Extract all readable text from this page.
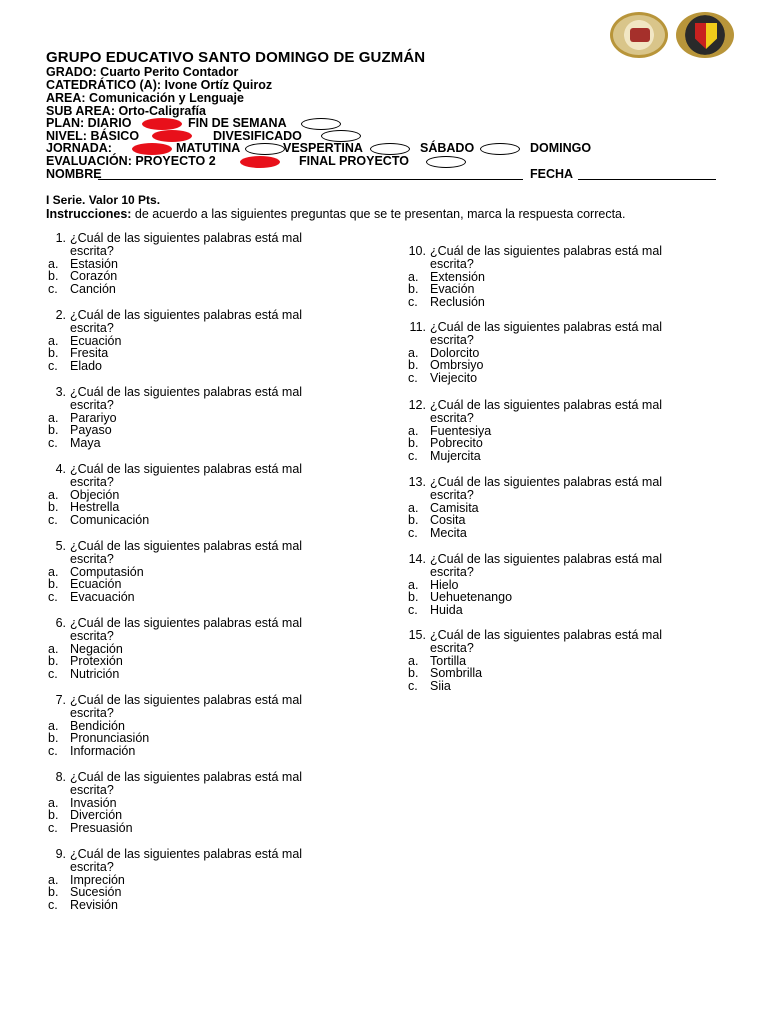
GRUPO EDUCATIVO SANTO DOMINGO DE GUZMÁN
GRADO: Cuarto Perito Contador
CATEDRÁTICO (A): Ivone Ortíz Quiroz
AREA: Comunicación y Lenguaje
SUB AREA: Orto-Caligrafía
PLAN: DIARIO	FIN DE SEMANA
NIVEL: BÁSICO	DIVESIFICADO
JORNADA:	MATUTINA	VESPERTINA	SÁBADO	DOMINGO
EVALUACIÓN: PROYECTO 2	FINAL PROYECTO
NOMBRE	FECHA
I Serie. Valor 10 Pts.
Instrucciones: de acuerdo a las siguientes preguntas que se te presentan, marca la respuesta correcta.
1. ¿Cuál de las siguientes palabras está mal
escrita?
a. Estasión
b. Corazón
c. Canción
2. ¿Cuál de las siguientes palabras está mal
escrita?
a. Ecuación
b. Fresita
c. Elado
3. ¿Cuál de las siguientes palabras está mal
escrita?
a. Parariyo
b. Payaso
c. Maya
4. ¿Cuál de las siguientes palabras está mal
escrita?
a. Objeción
b. Hestrella
c. Comunicación
5. ¿Cuál de las siguientes palabras está mal
escrita?
a. Computasión
b. Ecuación
c. Evacuación
6. ¿Cuál de las siguientes palabras está mal
escrita?
a. Negación
b. Protexión
c. Nutrición
7. ¿Cuál de las siguientes palabras está mal
escrita?
a. Bendición
b. Pronunciasión
c. Información
8. ¿Cuál de las siguientes palabras está mal
escrita?
a. Invasión
b. Diverción
c. Presuasión
9. ¿Cuál de las siguientes palabras está mal
escrita?
a. Impreción
b. Sucesión
c. Revisión
10. ¿Cuál de las siguientes palabras está mal
escrita?
a. Extensión
b. Evación
c. Reclusión
11. ¿Cuál de las siguientes palabras está mal
escrita?
a. Dolorcito
b. Ombrsiyo
c. Viejecito
12. ¿Cuál de las siguientes palabras está mal
escrita?
a. Fuentesiya
b. Pobrecito
c. Mujercita
13. ¿Cuál de las siguientes palabras está mal
escrita?
a. Camisita
b. Cosita
c. Mecita
14. ¿Cuál de las siguientes palabras está mal
escrita?
a. Hielo
b. Uehuetenango
c. Huida
15. ¿Cuál de las siguientes palabras está mal
escrita?
a. Tortilla
b. Sombrilla
c. Siia
